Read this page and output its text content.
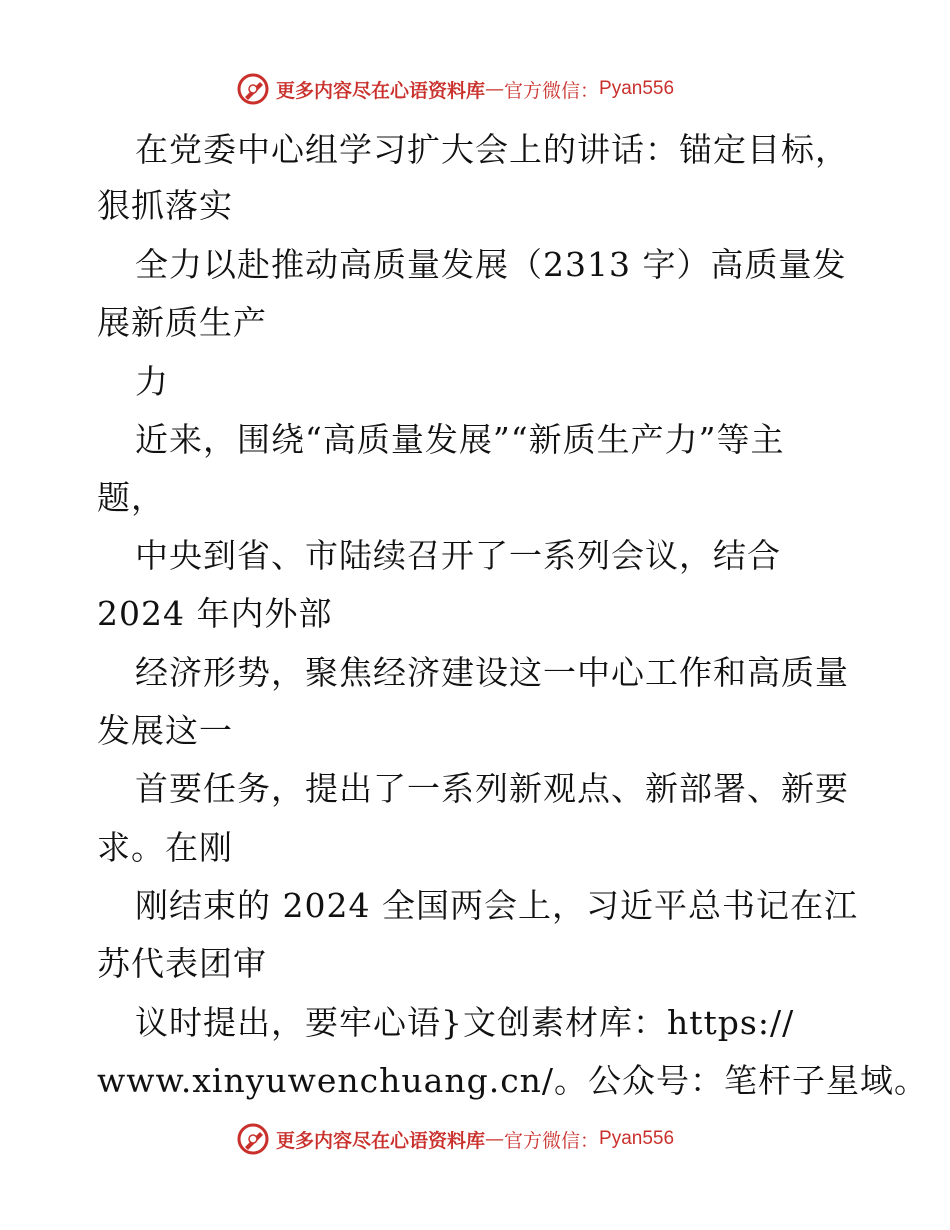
更多内容尽在心语资料库 — 官方微信： Pyan556
在党委中心组学习扩大会上的讲话：锚定目标，
狠抓落实
全力以赴推动高质量发展（2313 字）高质量发
展新质生产
力
近来，围绕“高质量发展”“新质生产力”等主
题，
中央到省、市陆续召开了一系列会议，结合
2024 年内外部
经济形势，聚焦经济建设这一中心工作和高质量
发展这一
首要任务，提出了一系列新观点、新部署、新要
求。在刚
刚结束的 2024 全国两会上，习近平总书记在江
苏代表团审
议时提出，要牢心语}文创素材库：https://
www.xinyuwenchuang.cn/。公众号：笔杆子星域。
更多内容尽在心语资料库 — 官方微信： Pyan556
